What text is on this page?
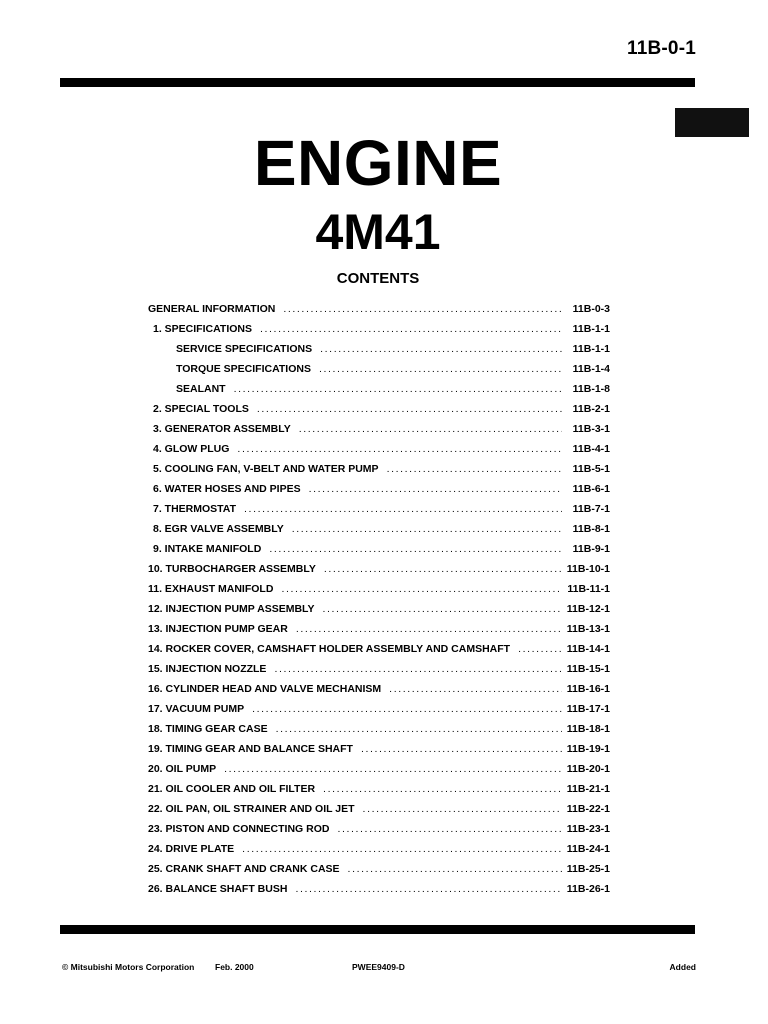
11B-0-1
ENGINE
4M41
CONTENTS
GENERAL INFORMATION .....	11B-0-3
1. SPECIFICATIONS .....	11B-1-1
SERVICE SPECIFICATIONS .....	11B-1-1
TORQUE SPECIFICATIONS .....	11B-1-4
SEALANT .....	11B-1-8
2. SPECIAL TOOLS .....	11B-2-1
3. GENERATOR ASSEMBLY .....	11B-3-1
4. GLOW PLUG .....	11B-4-1
5. COOLING FAN, V-BELT AND WATER PUMP .....	11B-5-1
6. WATER HOSES AND PIPES .....	11B-6-1
7. THERMOSTAT .....	11B-7-1
8. EGR VALVE ASSEMBLY .....	11B-8-1
9. INTAKE MANIFOLD .....	11B-9-1
10. TURBOCHARGER ASSEMBLY .....	11B-10-1
11. EXHAUST MANIFOLD .....	11B-11-1
12. INJECTION PUMP ASSEMBLY .....	11B-12-1
13. INJECTION PUMP GEAR .....	11B-13-1
14. ROCKER COVER, CAMSHAFT HOLDER ASSEMBLY AND CAMSHAFT .....	11B-14-1
15. INJECTION NOZZLE .....	11B-15-1
16. CYLINDER HEAD AND VALVE MECHANISM .....	11B-16-1
17. VACUUM PUMP .....	11B-17-1
18. TIMING GEAR CASE .....	11B-18-1
19. TIMING GEAR AND BALANCE SHAFT .....	11B-19-1
20. OIL PUMP .....	11B-20-1
21. OIL COOLER AND OIL FILTER .....	11B-21-1
22. OIL PAN, OIL STRAINER AND OIL JET .....	11B-22-1
23. PISTON AND CONNECTING ROD .....	11B-23-1
24. DRIVE PLATE .....	11B-24-1
25. CRANK SHAFT AND CRANK CASE .....	11B-25-1
26. BALANCE SHAFT BUSH .....	11B-26-1
© Mitsubishi Motors Corporation Feb. 2000	PWEE9409-D	Added
